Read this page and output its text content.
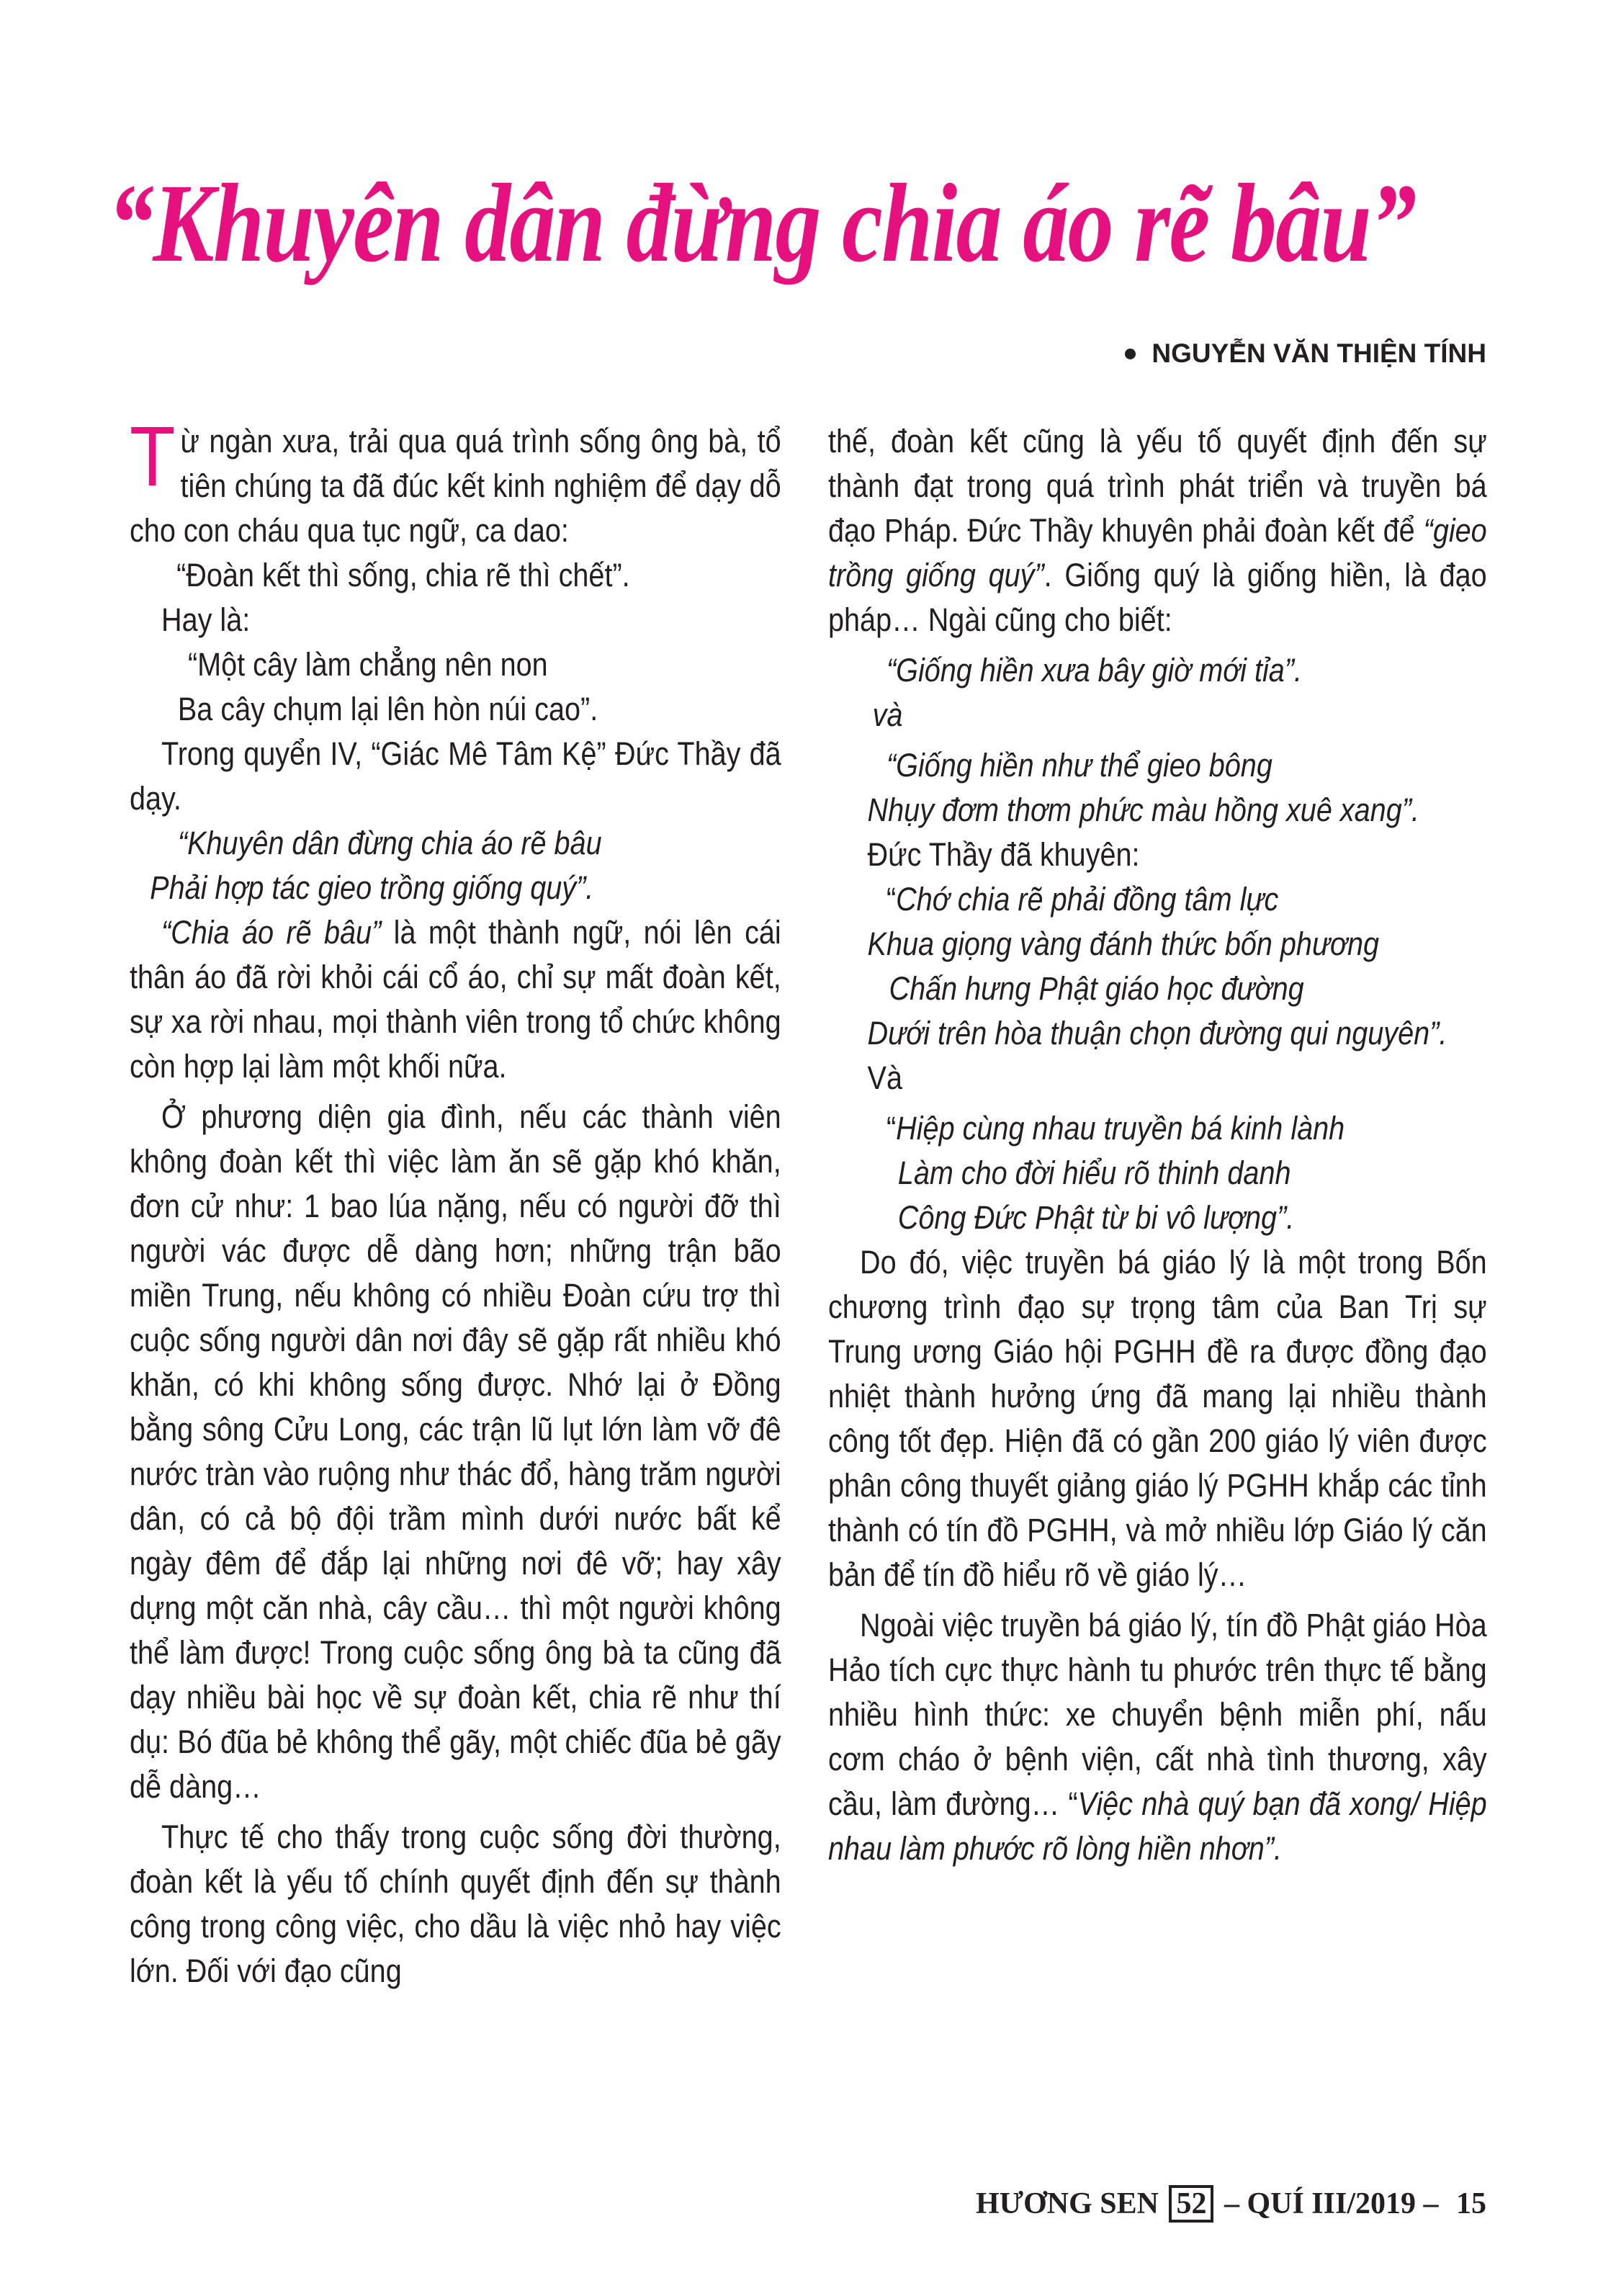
“Khuyên dân đừng chia áo rẽ bâu”
NGUYỄN VĂN THIỆN TÍNH

Từ ngàn xưa, trải qua quá trình sống ông bà, tổ tiên chúng ta đã đúc kết kinh nghiệm để dạy dỗ cho con cháu qua tục ngữ, ca dao:

“Đoàn kết thì sống, chia rẽ thì chết”.

Hay là:

“Một cây làm chẳng nên non

Ba cây chụm lại lên hòn núi cao”.

Trong quyển IV, “Giác Mê Tâm Kệ” Đức Thầy đã dạy.

“Khuyên dân đừng chia áo rẽ bâu

Phải hợp tác gieo trồng giống quý”.

“Chia áo rẽ bâu” là một thành ngữ, nói lên cái thân áo đã rời khỏi cái cổ áo, chỉ sự mất đoàn kết, sự xa rời nhau, mọi thành viên trong tổ chức không còn hợp lại làm một khối nữa.

Ở phương diện gia đình, nếu các thành viên không đoàn kết thì việc làm ăn sẽ gặp khó khăn, đơn cử như: 1 bao lúa nặng, nếu có người đỡ thì người vác được dễ dàng hơn; những trận bão miền Trung, nếu không có nhiều Đoàn cứu trợ thì cuộc sống người dân nơi đây sẽ gặp rất nhiều khó khăn, có khi không sống được. Nhớ lại ở Đồng bằng sông Cửu Long, các trận lũ lụt lớn làm vỡ đê nước tràn vào ruộng như thác đổ, hàng trăm người dân, có cả bộ đội trầm mình dưới nước bất kể ngày đêm để đắp lại những nơi đê vỡ; hay xây dựng một căn nhà, cây cầu… thì một người không thể làm được! Trong cuộc sống ông bà ta cũng đã dạy nhiều bài học về sự đoàn kết, chia rẽ như thí dụ: Bó đũa bẻ không thể gãy, một chiếc đũa bẻ gãy dễ dàng…

Thực tế cho thấy trong cuộc sống đời thường, đoàn kết là yếu tố chính quyết định đến sự thành công trong công việc, cho dầu là việc nhỏ hay việc lớn. Đối với đạo cũng

thế, đoàn kết cũng là yếu tố quyết định đến sự thành đạt trong quá trình phát triển và truyền bá đạo Pháp. Đức Thầy khuyên phải đoàn kết để “gieo trồng giống quý”. Giống quý là giống hiền, là đạo pháp… Ngài cũng cho biết:

“Giống hiền xưa bây giờ mới tỉa”.

và

“Giống hiền như thể gieo bông

Nhụy đơm thơm phức màu hồng xuê xang”.

Đức Thầy đã khuyên:

“Chớ chia rẽ phải đồng tâm lực

Khua giọng vàng đánh thức bốn phương

Chấn hưng Phật giáo học đường

Dưới trên hòa thuận chọn đường qui nguyên”.

Và

“Hiệp cùng nhau truyền bá kinh lành

Làm cho đời hiểu rõ thinh danh

Công Đức Phật từ bi vô lượng”.

Do đó, việc truyền bá giáo lý là một trong Bốn chương trình đạo sự trọng tâm của Ban Trị sự Trung ương Giáo hội PGHH đề ra được đồng đạo nhiệt thành hưởng ứng đã mang lại nhiều thành công tốt đẹp. Hiện đã có gần 200 giáo lý viên được phân công thuyết giảng giáo lý PGHH khắp các tỉnh thành có tín đồ PGHH, và mở nhiều lớp Giáo lý căn bản để tín đồ hiểu rõ về giáo lý…

Ngoài việc truyền bá giáo lý, tín đồ Phật giáo Hòa Hảo tích cực thực hành tu phước trên thực tế bằng nhiều hình thức: xe chuyển bệnh miễn phí, nấu cơm cháo ở bệnh viện, cất nhà tình thương, xây cầu, làm đường… “Việc nhà quý bạn đã xong/ Hiệp nhau làm phước rõ lòng hiền nhơn”.

HƯƠNG SEN 52 – QUÍ III/2019 – 15
